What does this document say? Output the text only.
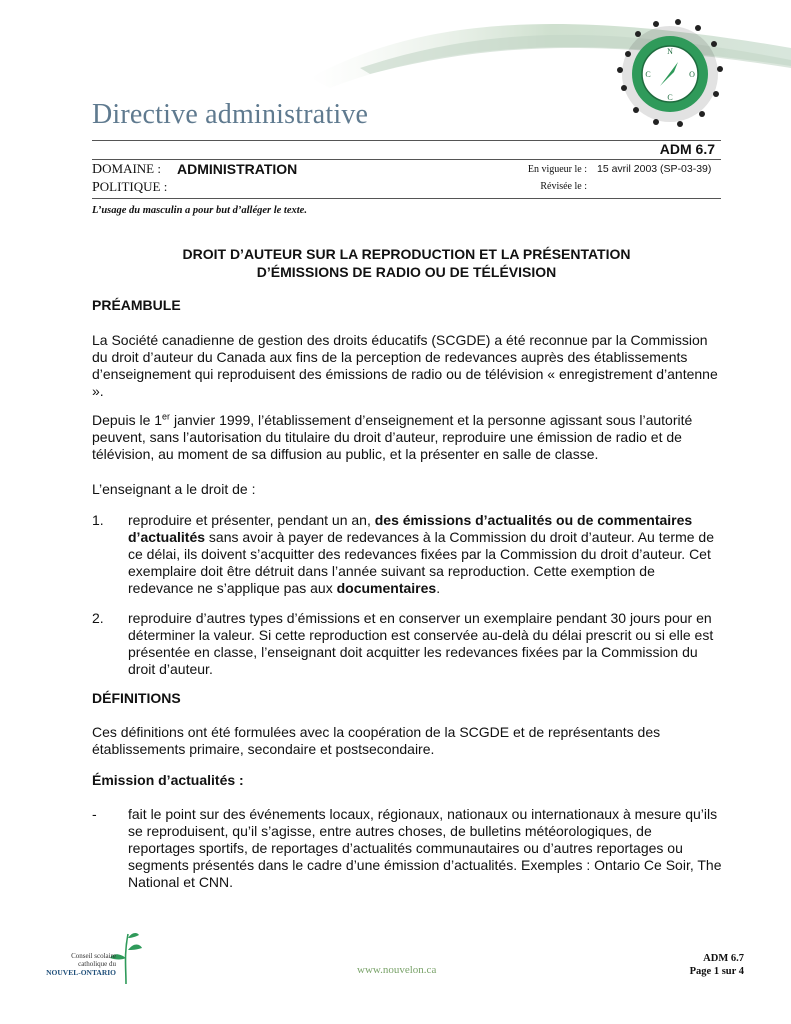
N
C
C	O
Directive administrative
ADM 6.7
DOMAINE : ADMINISTRATION
POLITIQUE :
En vigueur le : 15 avril 2003 (SP-03-39)
Révisée le :
L’usage du masculin a pour but d’alléger le texte.
DROIT D’AUTEUR SUR LA REPRODUCTION ET LA PRÉSENTATION
D’ÉMISSIONS DE RADIO OU DE TÉLÉVISION
PRÉAMBULE
La Société canadienne de gestion des droits éducatifs (SCGDE) a été reconnue par la Commission du droit d’auteur du Canada aux fins de la perception de redevances auprès des établissements d’enseignement qui reproduisent des émissions de radio ou de télévision « enregistrement d’antenne ».
Depuis le 1er janvier 1999, l’établissement d’enseignement et la personne agissant sous l’autorité peuvent, sans l’autorisation du titulaire du droit d’auteur, reproduire une émission de radio et de télévision, au moment de sa diffusion au public, et la présenter en salle de classe.
L’enseignant a le droit de :
1. reproduire et présenter, pendant un an, des émissions d’actualités ou de commentaires d’actualités sans avoir à payer de redevances à la Commission du droit d’auteur. Au terme de ce délai, ils doivent s’acquitter des redevances fixées par la Commission du droit d’auteur. Cet exemplaire doit être détruit dans l’année suivant sa reproduction. Cette exemption de redevance ne s’applique pas aux documentaires.
2. reproduire d’autres types d’émissions et en conserver un exemplaire pendant 30 jours pour en déterminer la valeur. Si cette reproduction est conservée au-delà du délai prescrit ou si elle est présentée en classe, l’enseignant doit acquitter les redevances fixées par la Commission du droit d’auteur.
DÉFINITIONS
Ces définitions ont été formulées avec la coopération de la SCGDE et de représentants des établissements primaire, secondaire et postsecondaire.
Émission d’actualités :
- fait le point sur des événements locaux, régionaux, nationaux ou internationaux à mesure qu’ils se reproduisent, qu’il s’agisse, entre autres choses, de bulletins météorologiques, de reportages sportifs, de reportages d’actualités communautaires ou d’autres reportages ou segments présentés dans le cadre d’une émission d’actualités. Exemples : Ontario Ce Soir, The National et CNN.
Conseil scolaire
catholique du
NOUVEL-ONTARIO	www.nouvelon.ca
ADM 6.7
Page 1 sur 4
